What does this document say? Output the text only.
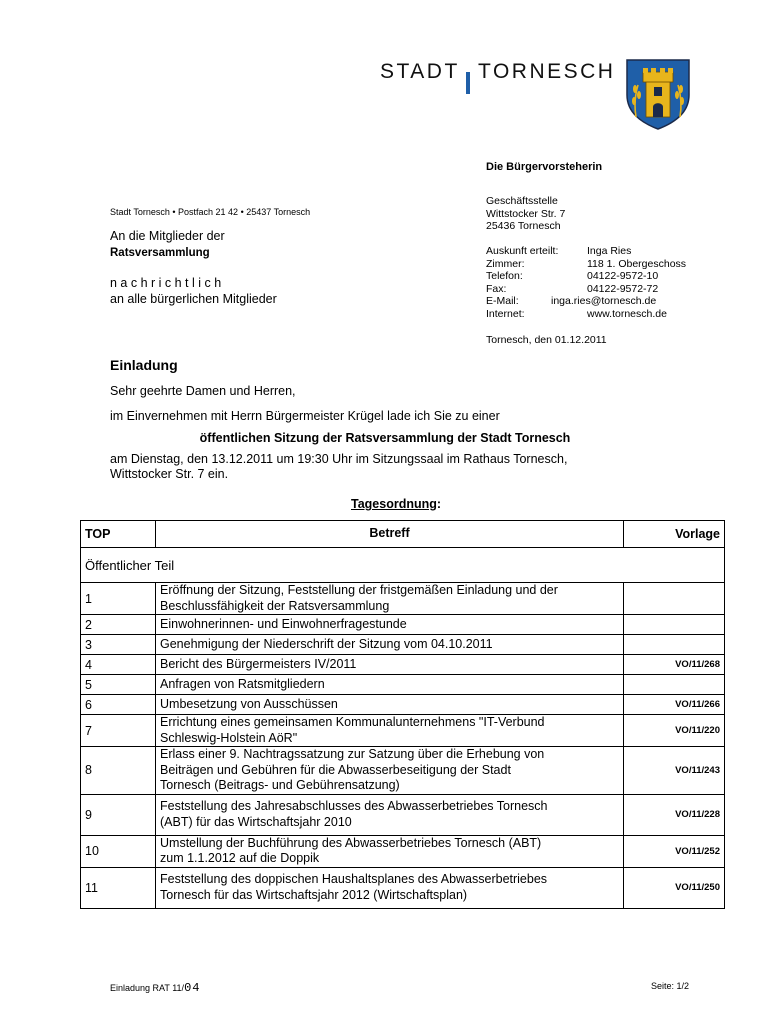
STADT TORNESCH
Die Bürgervorsteherin
Stadt Tornesch • Postfach 21 42 • 25437 Tornesch
Geschäftsstelle
Wittstocker Str. 7
25436 Tornesch
An die Mitglieder der
Ratsversammlung
n a c h r i c h t l i c h
an alle bürgerlichen Mitglieder
Auskunft erteilt:	Inga Ries
Zimmer:	118 1. Obergeschoss
Telefon:	04122-9572-10
Fax:	04122-9572-72
E-Mail:	inga.ries@tornesch.de
Internet:	www.tornesch.de
Tornesch, den 01.12.2011
Einladung
Sehr geehrte Damen und Herren,
im Einvernehmen mit Herrn Bürgermeister Krügel lade ich Sie zu einer
öffentlichen Sitzung der Ratsversammlung der Stadt Tornesch
am Dienstag, den 13.12.2011 um 19:30 Uhr im Sitzungssaal im Rathaus Tornesch,
Wittstocker Str. 7 ein.
Tagesordnung:
TOP	Betreff	Vorlage
Öffentlicher Teil		
1	Eröffnung der Sitzung, Feststellung der fristgemäßen Einladung und der
Beschlussfähigkeit der Ratsversammlung	

2	Einwohnerinnen- und Einwohnerfragestunde	

3	Genehmigung der Niederschrift der Sitzung vom 04.10.2011	

4	Bericht des Bürgermeisters IV/2011	VO/11/268
5	Anfragen von Ratsmitgliedern	

6	Umbesetzung von Ausschüssen	VO/11/266
7	Errichtung eines gemeinsamen Kommunalunternehmens "IT-Verbund
Schleswig-Holstein AöR"	VO/11/220
8	Erlass einer 9. Nachtragssatzung zur Satzung über die Erhebung von
Beiträgen und Gebühren für die Abwasserbeseitigung der Stadt
Tornesch (Beitrags- und Gebührensatzung)	VO/11/243
9	Feststellung des Jahresabschlusses des Abwasserbetriebes Tornesch
(ABT) für das Wirtschaftsjahr 2010	VO/11/228
10	Umstellung der Buchführung des Abwasserbetriebes Tornesch (ABT)
zum 1.1.2012 auf die Doppik	VO/11/252
11	Feststellung des doppischen Haushaltsplanes des Abwasserbetriebes
Tornesch für das Wirtschaftsjahr 2012 (Wirtschaftsplan)	VO/11/250
Einladung RAT 11/04	Seite: 1/2
